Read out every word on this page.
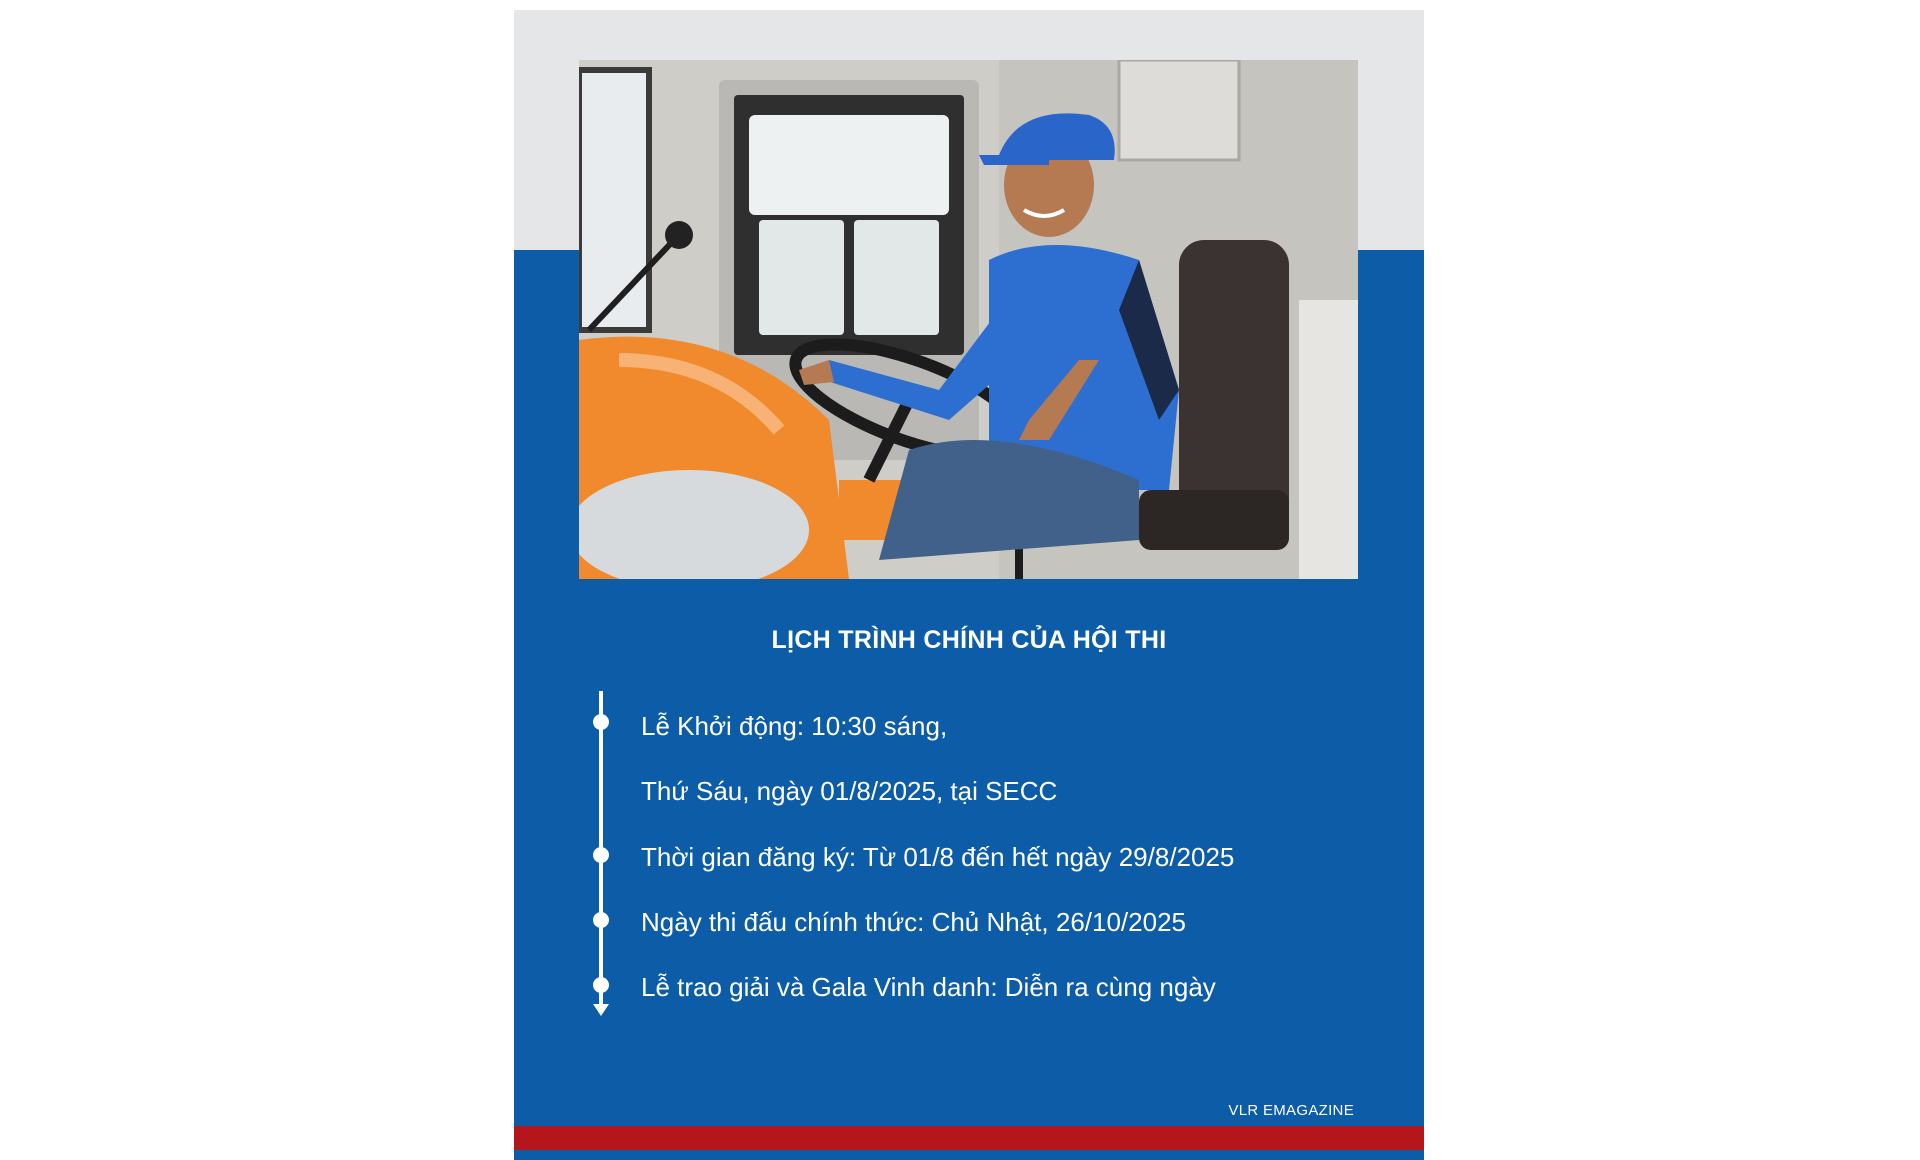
LỊCH TRÌNH CHÍNH CỦA HỘI THI
Lễ Khởi động: 10:30 sáng,
Thứ Sáu, ngày 01/8/2025, tại SECC
Thời gian đăng ký: Từ 01/8 đến hết ngày 29/8/2025
Ngày thi đấu chính thức: Chủ Nhật, 26/10/2025
Lễ trao giải và Gala Vinh danh: Diễn ra cùng ngày
VLR EMAGAZINE
